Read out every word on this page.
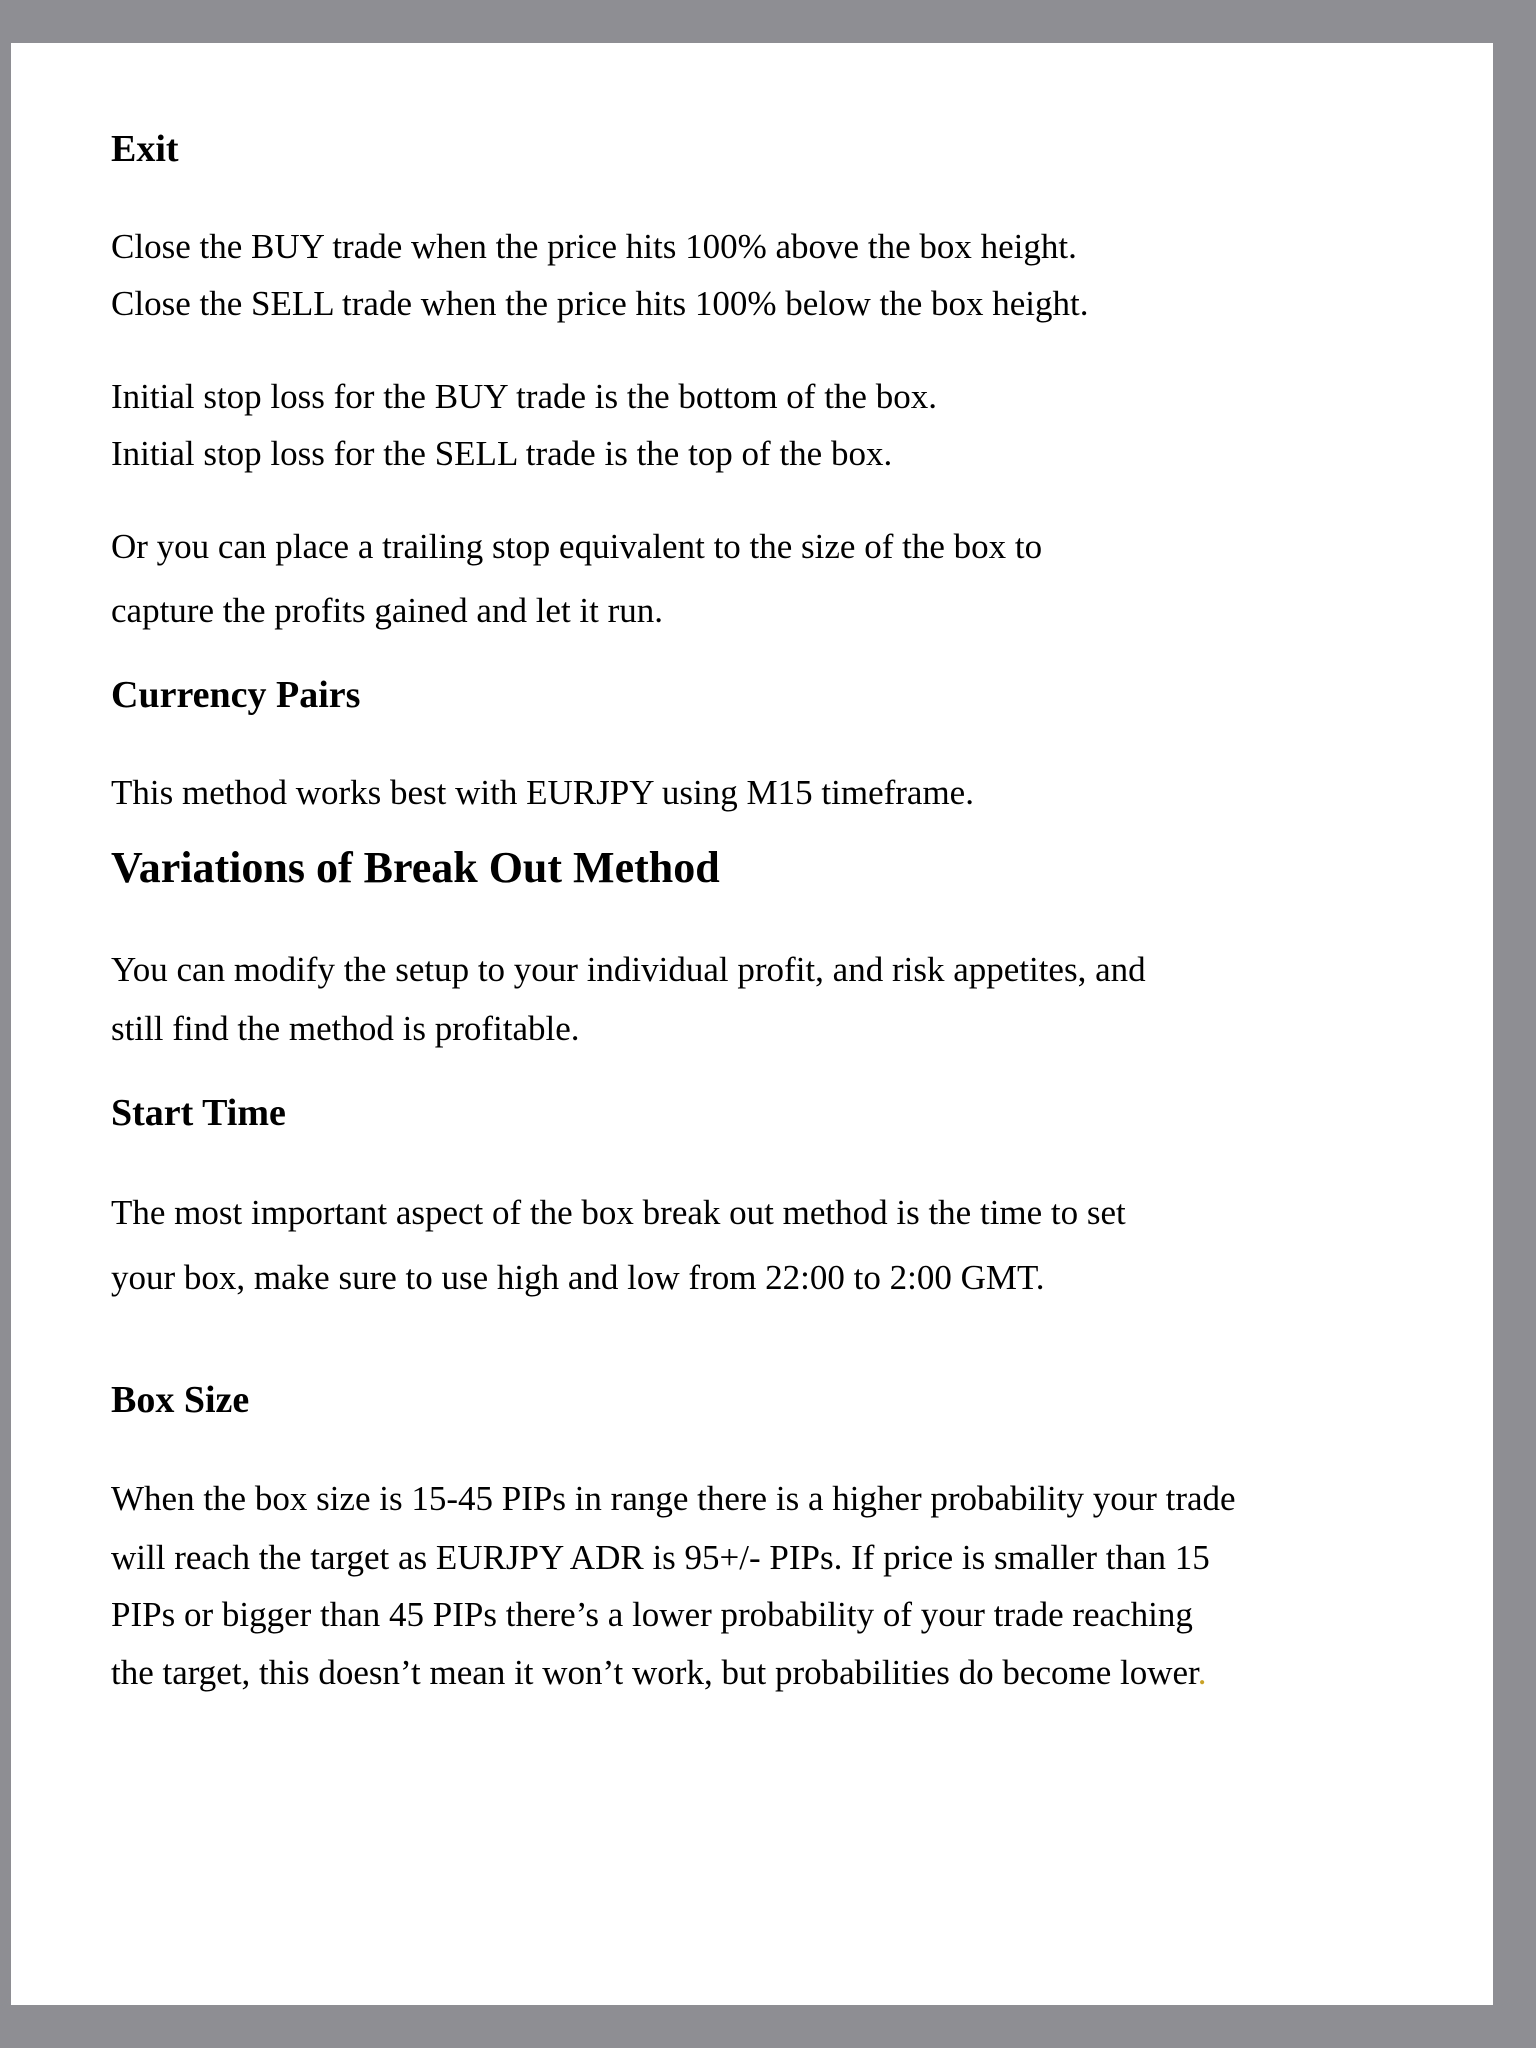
Exit

Close the BUY trade when the price hits 100% above the box height.

Close the SELL trade when the price hits 100% below the box height.

Initial stop loss for the BUY trade is the bottom of the box.

Initial stop loss for the SELL trade is the top of the box.

Or you can place a trailing stop equivalent to the size of the box to

capture the profits gained and let it run.

Currency Pairs

This method works best with EURJPY using M15 timeframe.

Variations of Break Out Method

You can modify the setup to your individual profit, and risk appetites, and

still find the method is profitable.

Start Time

The most important aspect of the box break out method is the time to set

your box, make sure to use high and low from 22:00 to 2:00 GMT.

Box Size

When the box size is 15-45 PIPs in range there is a higher probability your trade

will reach the target as EURJPY ADR is 95+/- PIPs. If price is smaller than 15

PIPs or bigger than 45 PIPs there’s a lower probability of your trade reaching

the target, this doesn’t mean it won’t work, but probabilities do become lower.
